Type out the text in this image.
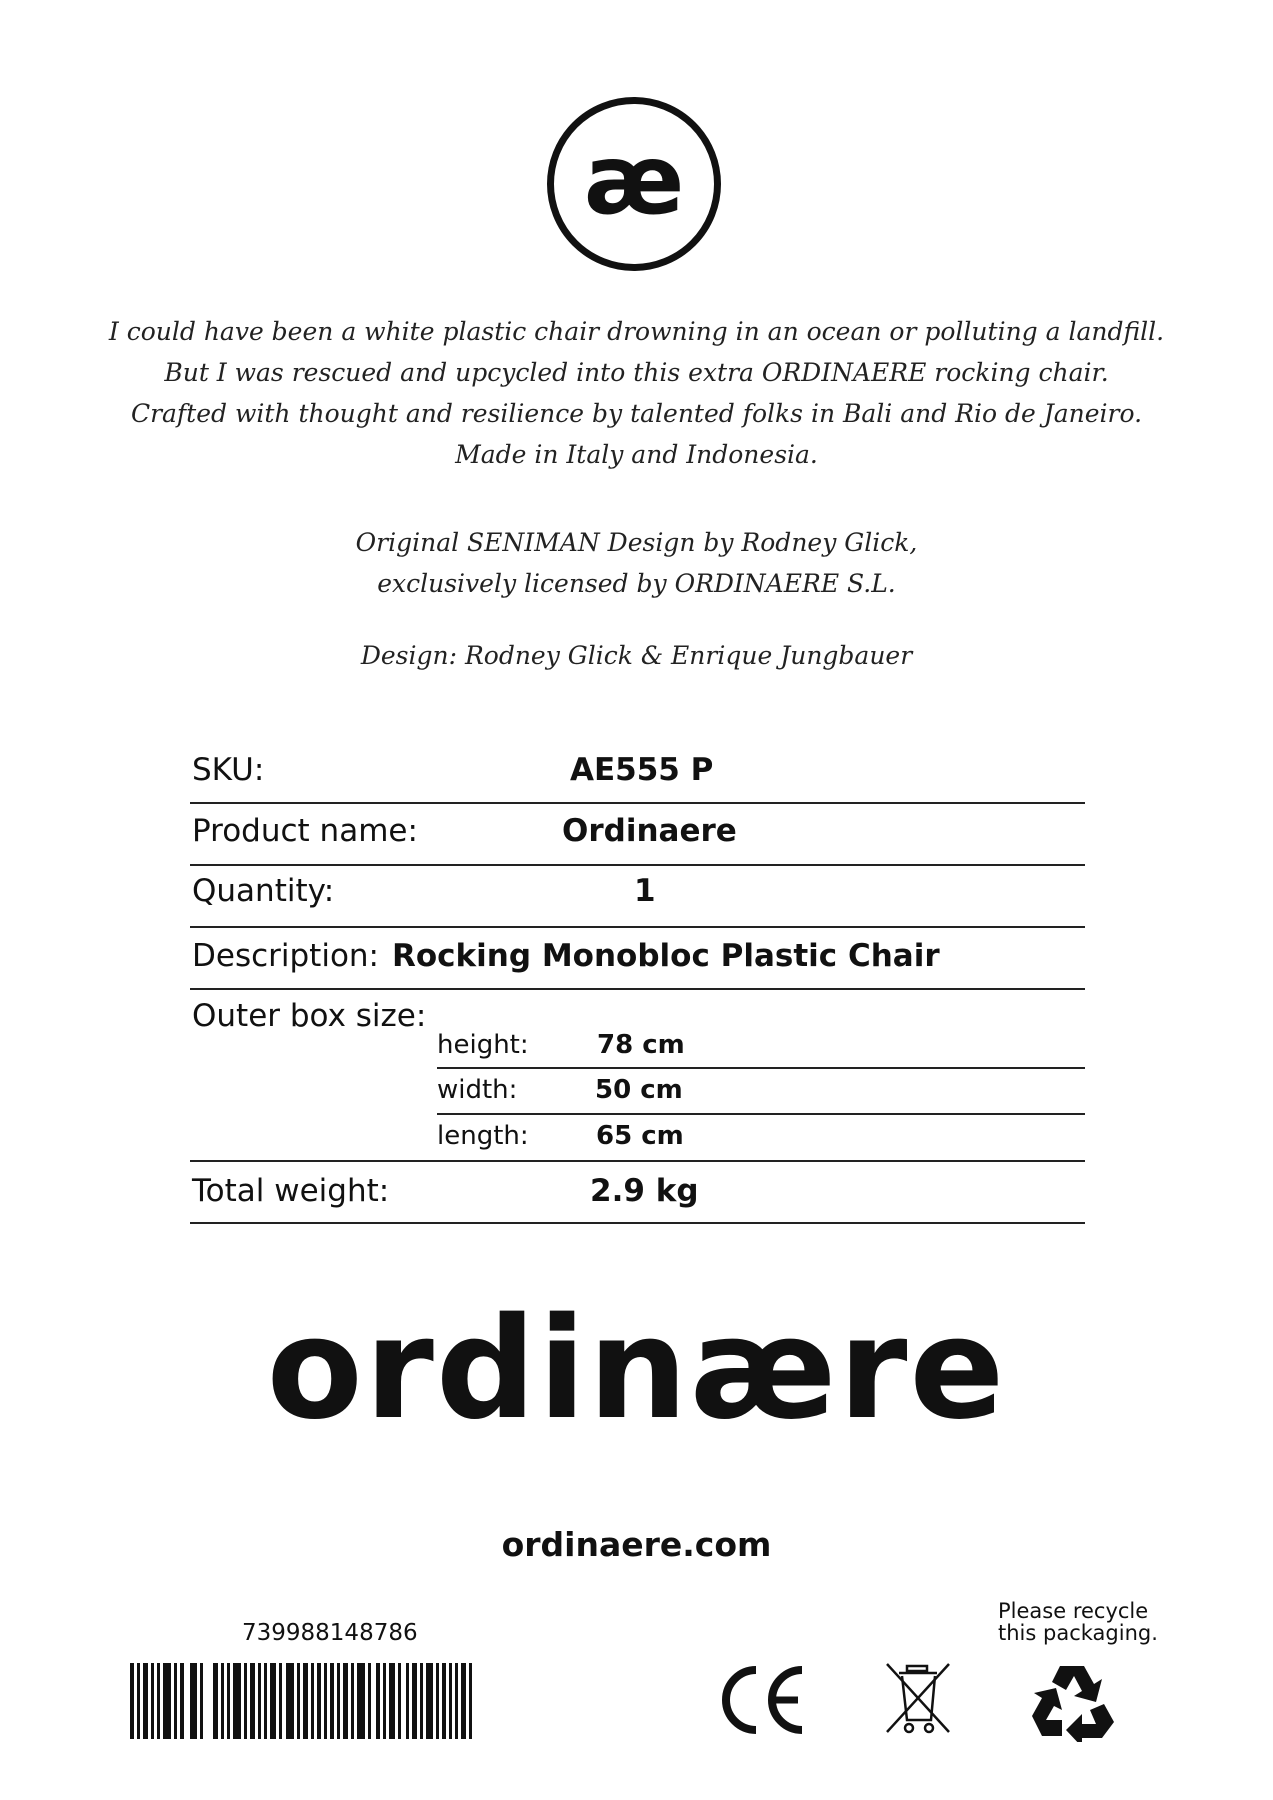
æ
I could have been a white plastic chair drowning in an ocean or polluting a landfill.
But I was rescued and upcycled into this extra ORDINAERE rocking chair.
Crafted with thought and resilience by talented folks in Bali and Rio de Janeiro.
Made in Italy and Indonesia.
Original SENIMAN Design by Rodney Glick,
exclusively licensed by ORDINAERE S.L.
Design: Rodney Glick & Enrique Jungbauer
SKU:	AE555 P
Product name:	Ordinaere
Quantity:	1
Description: Rocking Monobloc Plastic Chair
Outer box size:
height:	78 cm
width:	50 cm
length:	65 cm
Total weight:	2.9 kg
ordinære
ordinaere.com
739988148786
Please recycle
this packaging.
